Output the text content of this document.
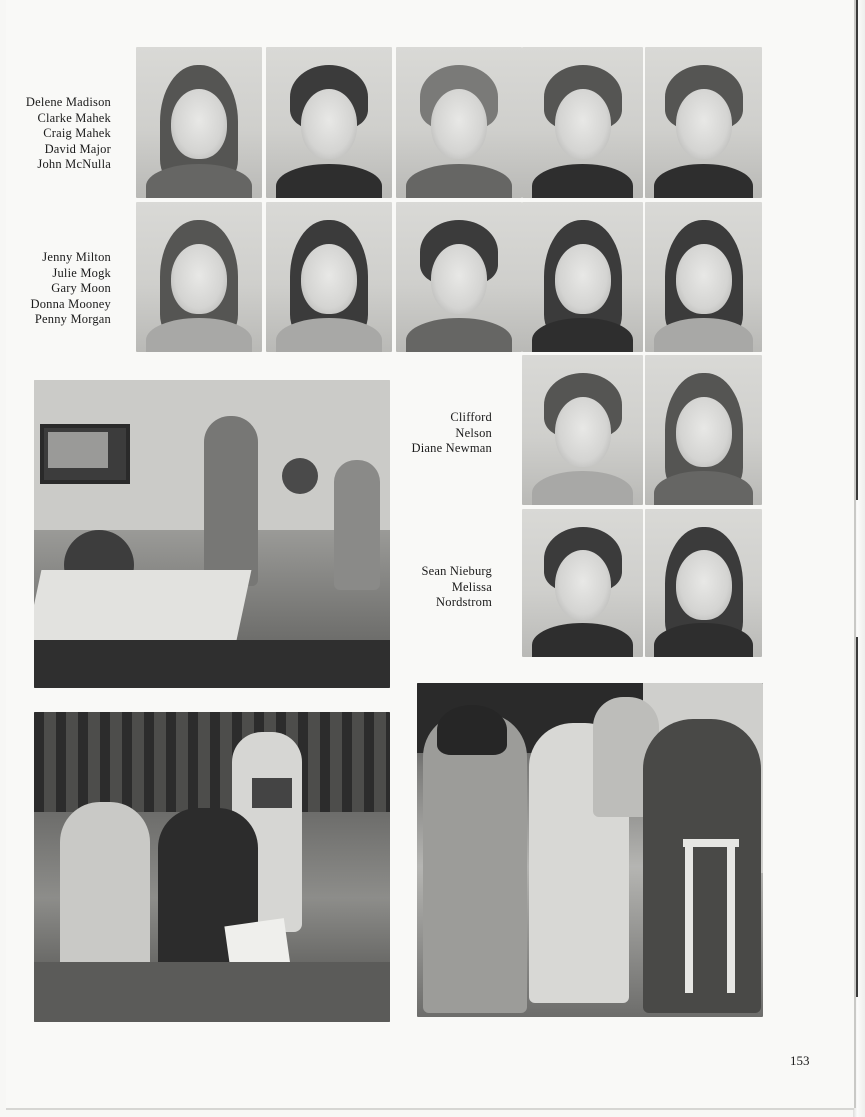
Delene Madison
Clarke Mahek
Craig Mahek
David Major
John McNulla
Jenny Milton
Julie Mogk
Gary Moon
Donna Mooney
Penny Morgan
Clifford
Nelson
Diane Newman
Sean Nieburg
Melissa
Nordstrom
153
